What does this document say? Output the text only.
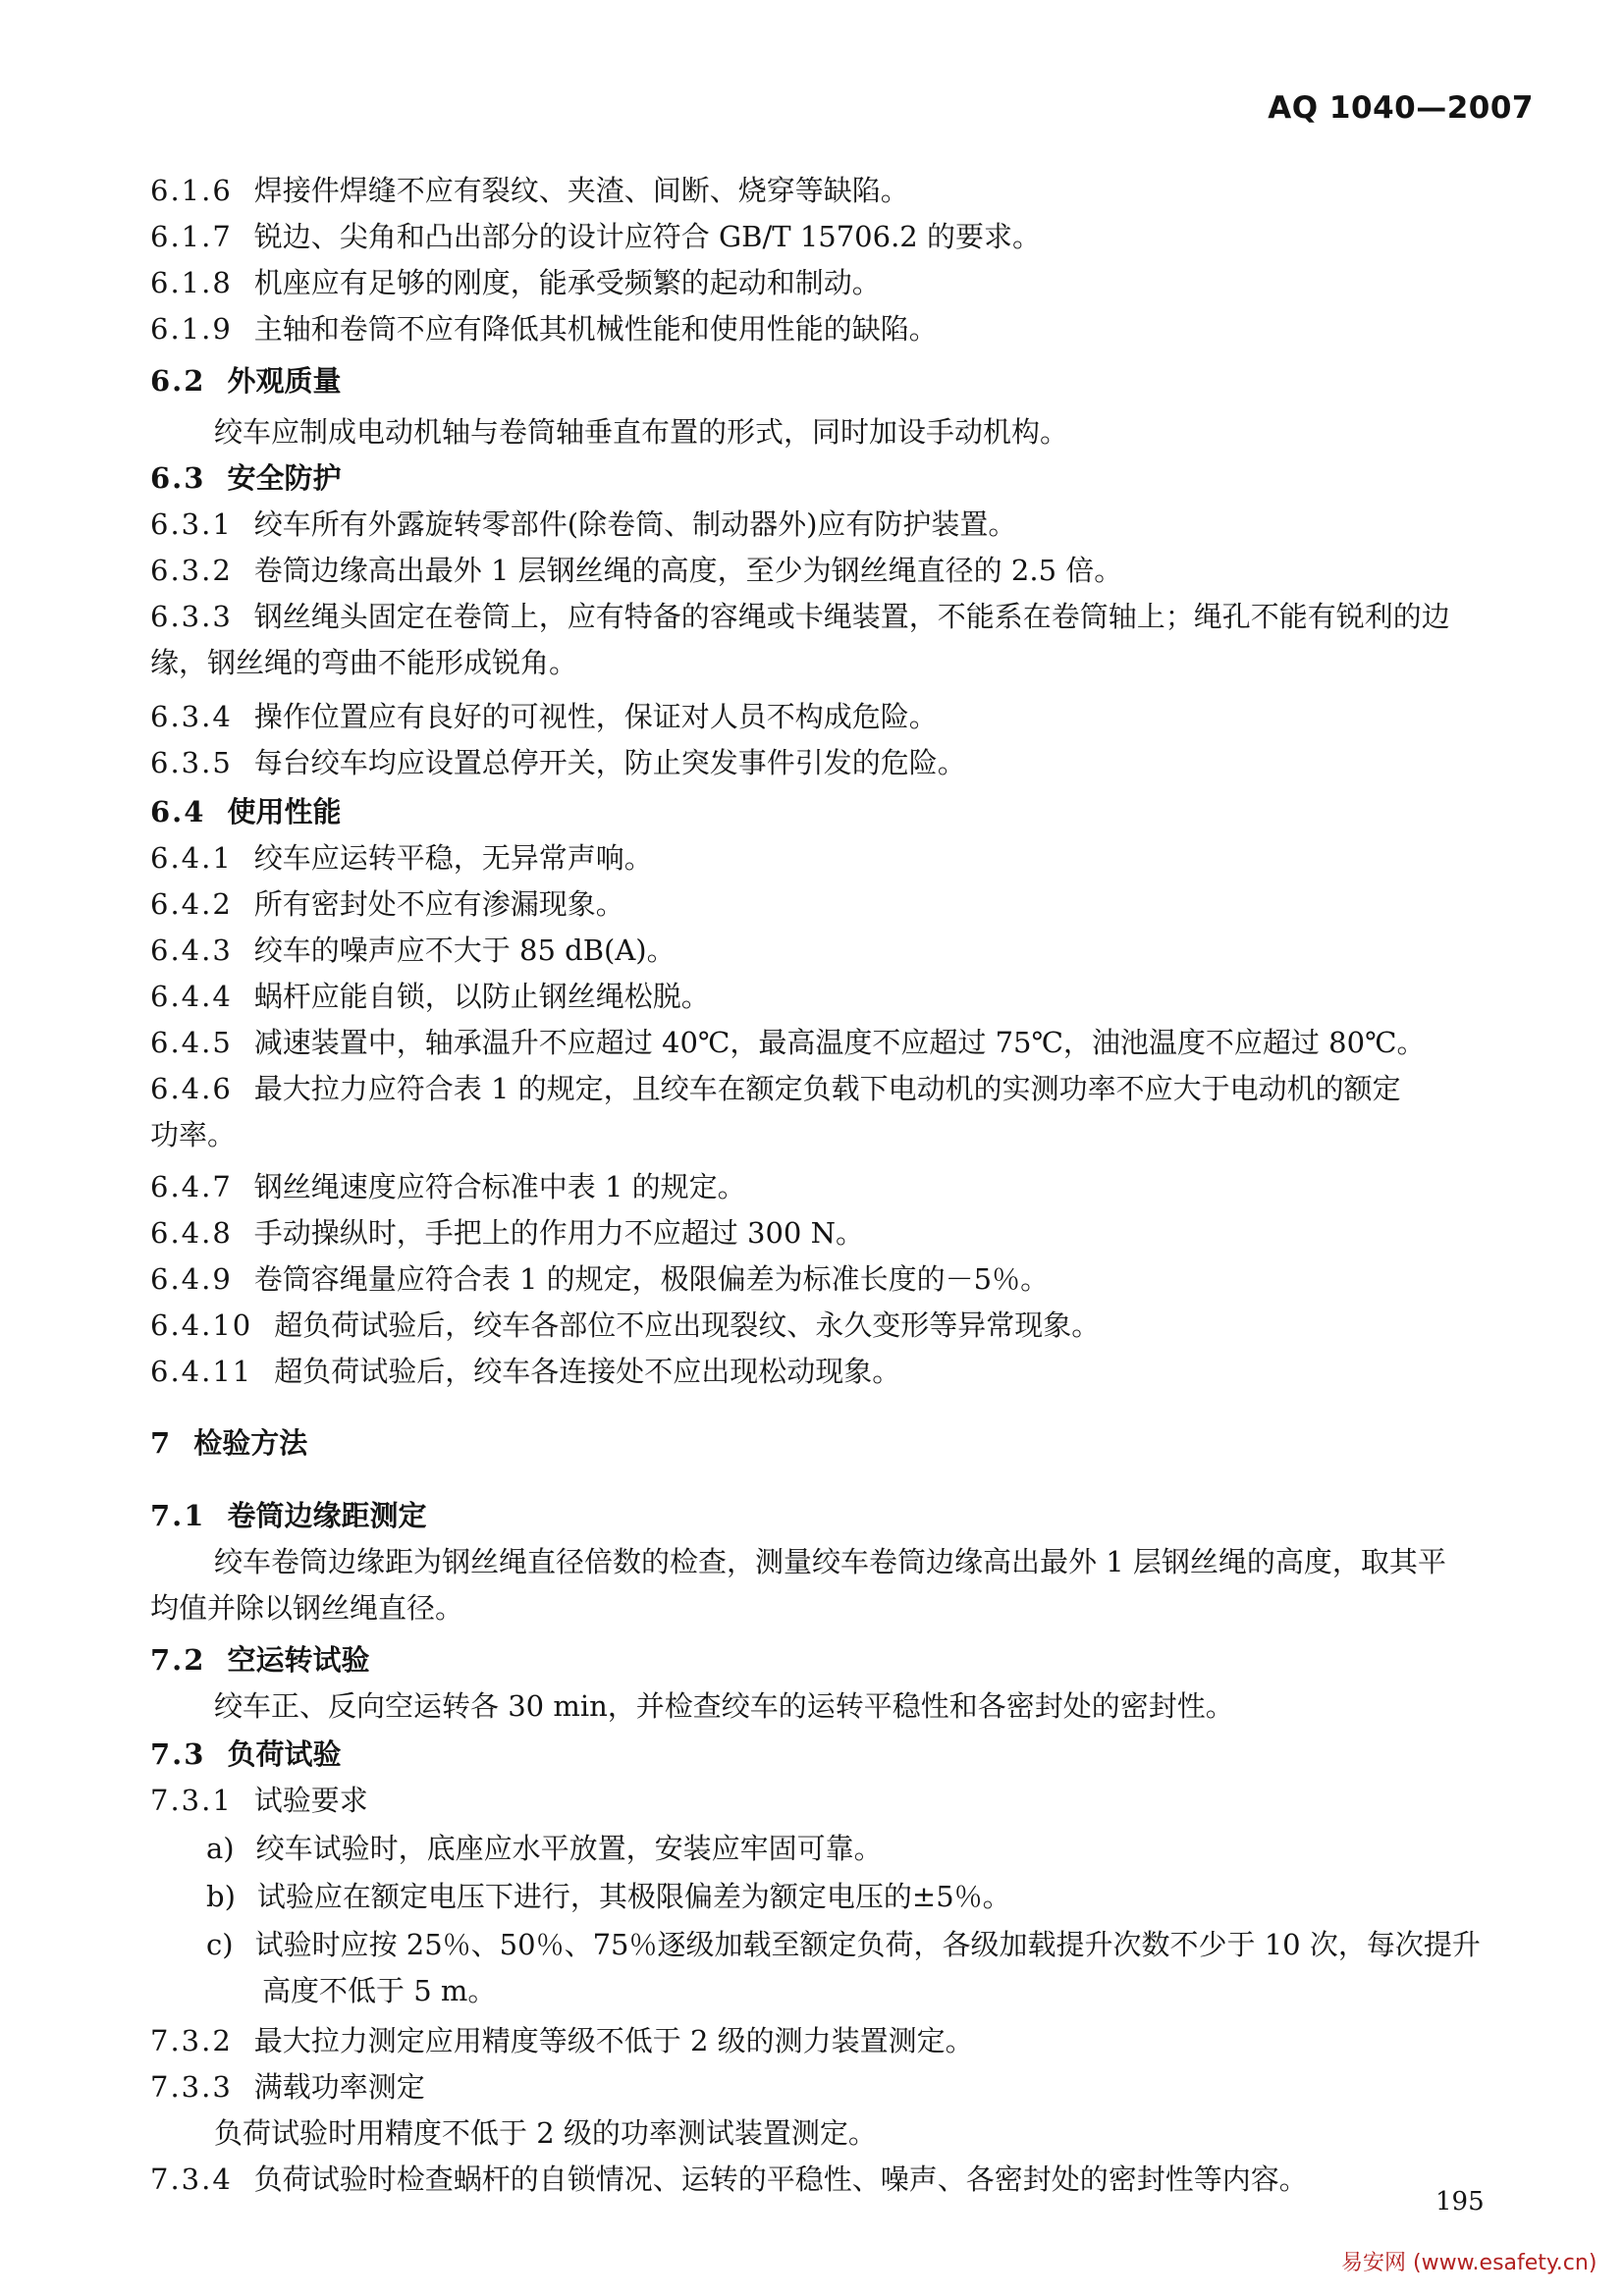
AQ 1040—2007
6.1.6 焊接件焊缝不应有裂纹、夹渣、间断、烧穿等缺陷。
6.1.7 锐边、尖角和凸出部分的设计应符合 GB/T 15706.2 的要求。
6.1.8 机座应有足够的刚度，能承受频繁的起动和制动。
6.1.9 主轴和卷筒不应有降低其机械性能和使用性能的缺陷。
6.2 外观质量
绞车应制成电动机轴与卷筒轴垂直布置的形式，同时加设手动机构。
6.3 安全防护
6.3.1 绞车所有外露旋转零部件(除卷筒、制动器外)应有防护装置。
6.3.2 卷筒边缘高出最外 1 层钢丝绳的高度，至少为钢丝绳直径的 2.5 倍。
6.3.3 钢丝绳头固定在卷筒上，应有特备的容绳或卡绳装置，不能系在卷筒轴上；绳孔不能有锐利的边
缘，钢丝绳的弯曲不能形成锐角。
6.3.4 操作位置应有良好的可视性，保证对人员不构成危险。
6.3.5 每台绞车均应设置总停开关，防止突发事件引发的危险。
6.4 使用性能
6.4.1 绞车应运转平稳，无异常声响。
6.4.2 所有密封处不应有渗漏现象。
6.4.3 绞车的噪声应不大于 85 dB(A)。
6.4.4 蜗杆应能自锁，以防止钢丝绳松脱。
6.4.5 减速装置中，轴承温升不应超过 40℃，最高温度不应超过 75℃，油池温度不应超过 80℃。
6.4.6 最大拉力应符合表 1 的规定，且绞车在额定负载下电动机的实测功率不应大于电动机的额定
功率。
6.4.7 钢丝绳速度应符合标准中表 1 的规定。
6.4.8 手动操纵时，手把上的作用力不应超过 300 N。
6.4.9 卷筒容绳量应符合表 1 的规定，极限偏差为标准长度的－5％。
6.4.10 超负荷试验后，绞车各部位不应出现裂纹、永久变形等异常现象。
6.4.11 超负荷试验后，绞车各连接处不应出现松动现象。
7 检验方法
7.1 卷筒边缘距测定
绞车卷筒边缘距为钢丝绳直径倍数的检查，测量绞车卷筒边缘高出最外 1 层钢丝绳的高度，取其平
均值并除以钢丝绳直径。
7.2 空运转试验
绞车正、反向空运转各 30 min，并检查绞车的运转平稳性和各密封处的密封性。
7.3 负荷试验
7.3.1 试验要求
a) 绞车试验时，底座应水平放置，安装应牢固可靠。
b) 试验应在额定电压下进行，其极限偏差为额定电压的±5％。
c) 试验时应按 25％、50％、75％逐级加载至额定负荷，各级加载提升次数不少于 10 次，每次提升
高度不低于 5 m。
7.3.2 最大拉力测定应用精度等级不低于 2 级的测力装置测定。
7.3.3 满载功率测定
负荷试验时用精度不低于 2 级的功率测试装置测定。
7.3.4 负荷试验时检查蜗杆的自锁情况、运转的平稳性、噪声、各密封处的密封性等内容。
195
易安网 (www.esafety.cn)
